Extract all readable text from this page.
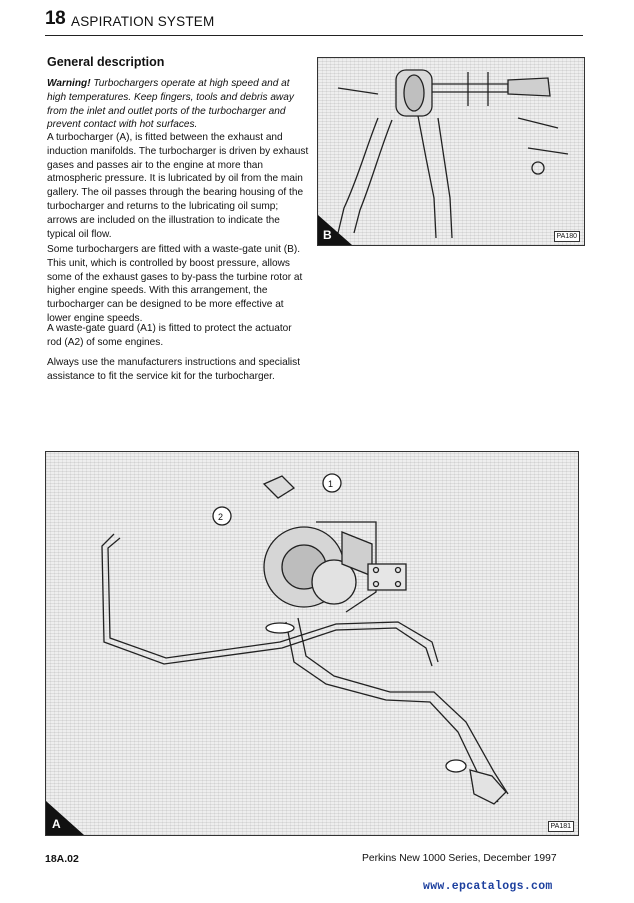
18 ASPIRATION SYSTEM
General description

Warning! Turbochargers operate at high speed and at high temperatures. Keep fingers, tools and debris away from the inlet and outlet ports of the turbocharger and prevent contact with hot surfaces.

A turbocharger (A), is fitted between the exhaust and induction manifolds. The turbocharger is driven by exhaust gases and passes air to the engine at more than atmospheric pressure. It is lubricated by oil from the main gallery. The oil passes through the bearing housing of the turbocharger and returns to the lubricating oil sump; arrows are included on the illustration to indicate the typical oil flow.

Some turbochargers are fitted with a waste-gate unit (B). This unit, which is controlled by boost pressure, allows some of the exhaust gases to by-pass the turbine rotor at higher engine speeds. With this arrangement, the turbocharger can be designed to be more effective at lower engine speeds.

A waste-gate guard (A1) is fitted to protect the actuator rod (A2) of some engines.

Always use the manufacturers instructions and specialist assistance to fit the service kit for the turbocharger.

B	PA180
2
1
A	PA181
18A.02	Perkins New 1000 Series, December 1997
www.epcatalogs.com
